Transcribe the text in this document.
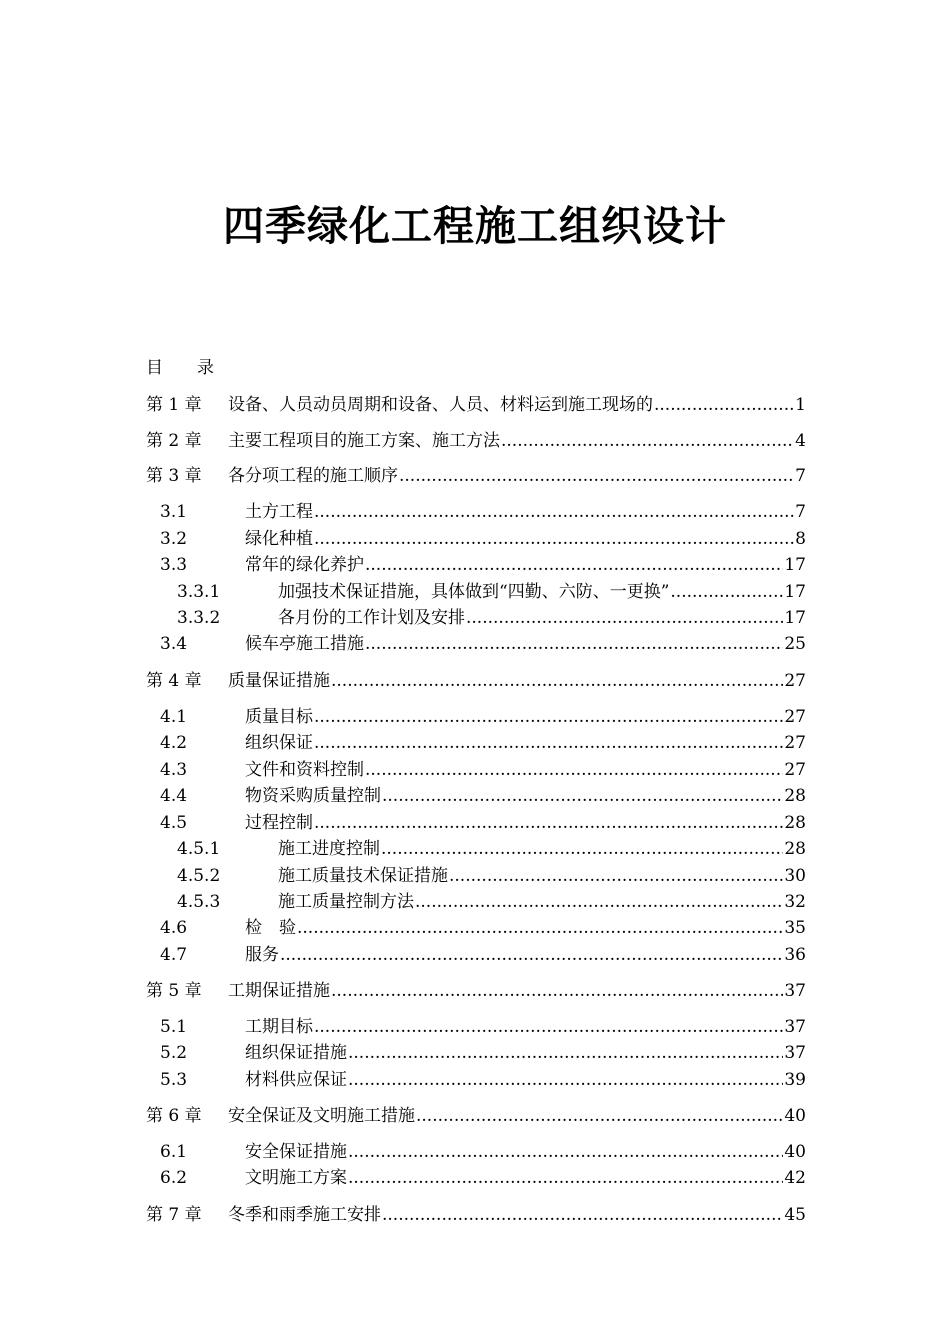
四季绿化工程施工组织设计
目 录
第 1 章 设备、人员动员周期和设备、人员、材料运到施工现场的 .....	1
第 2 章 主要工程项目的施工方案、施工方法 .....	4
第 3 章 各分项工程的施工顺序 .....	7
3.1	土方工程 .....	7
3.2	绿化种植 .....	8
3.3	常年的绿化养护 .....	17
3.3.1	加强技术保证措施，具体做到“四勤、六防、一更换” .....	17
3.3.2	各月份的工作计划及安排 .....	17
3.4	候车亭施工措施 .....	25
第 4 章 质量保证措施 .....	27
4.1	质量目标 .....	27
4.2	组织保证 .....	27
4.3	文件和资料控制 .....	27
4.4	物资采购质量控制 .....	28
4.5	过程控制 .....	28
4.5.1	施工进度控制 .....	28
4.5.2	施工质量技术保证措施 .....	30
4.5.3	施工质量控制方法 .....	32
4.6	检　验 .....	35
4.7	服务 .....	36
第 5 章 工期保证措施 .....	37
5.1	工期目标 .....	37
5.2	组织保证措施 .....	37
5.3	材料供应保证 .....	39
第 6 章 安全保证及文明施工措施 .....	40
6.1	安全保证措施 .....	40
6.2	文明施工方案 .....	42
第 7 章 冬季和雨季施工安排 .....	45
